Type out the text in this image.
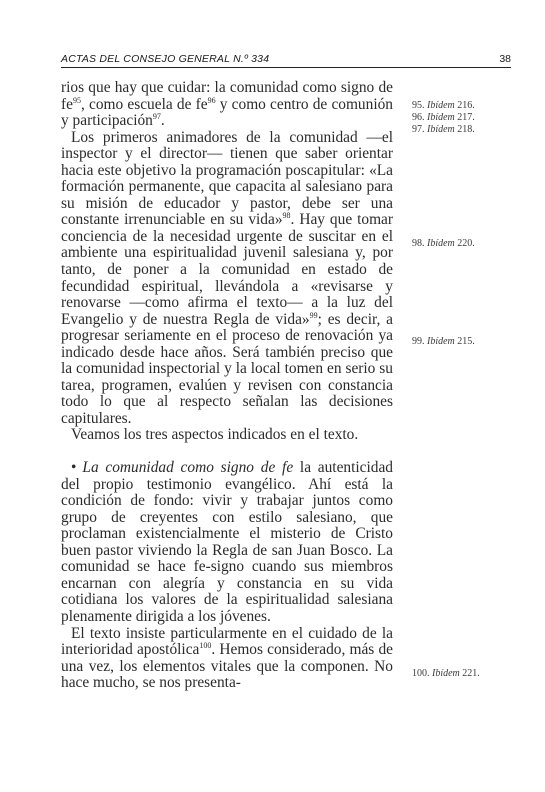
ACTAS DEL CONSEJO GENERAL N.º 334	38

rios que hay que cuidar: la comunidad como signo de $fe^{95}$, como escuela de $fe^{96}$ y como centro de comunión y participación$^{97}$.

Los primeros animadores de la comunidad —el inspector y el director— tienen que saber orientar hacia este objetivo la programación poscapitular: «La formación permanente, que capacita al salesiano para su misión de educador y pastor, debe ser una constante irrenunciable en su vida»$^{98}$. Hay que tomar conciencia de la necesidad urgente de suscitar en el ambiente una espiritualidad juvenil salesiana y, por tanto, de poner a la comunidad en estado de fecundidad espiritual, llevándola a «revisarse y renovarse —como afirma el texto— a la luz del Evangelio y de nuestra Regla de vida»$^{99}$; es decir, a progresar seriamente en el proceso de renovación ya indicado desde hace años. Será también preciso que la comunidad inspectorial y la local tomen en serio su tarea, programen, evalúen y revisen con constancia todo lo que al respecto señalan las decisiones capitulares.

Veamos los tres aspectos indicados en el texto.

• La comunidad como signo de fe la autenticidad del propio testimonio evangélico. Ahí está la condición de fondo: vivir y trabajar juntos como grupo de creyentes con estilo salesiano, que proclaman existencialmente el misterio de Cristo buen pastor viviendo la Regla de san Juan Bosco. La comunidad se hace fe-signo cuando sus miembros encarnan con alegría y constancia en su vida cotidiana los valores de la espiritualidad salesiana plenamente dirigida a los jóvenes.

El texto insiste particularmente en el cuidado de la interioridad apostólica$^{100}$. Hemos considerado, más de una vez, los elementos vitales que la componen. No hace mucho, se nos presenta-

95. Ibídem 216.
96. Ibídem 217.
97. Ibídem 218.
98. Ibídem 220.
99. Ibídem 215.
100. Ibídem 221.
